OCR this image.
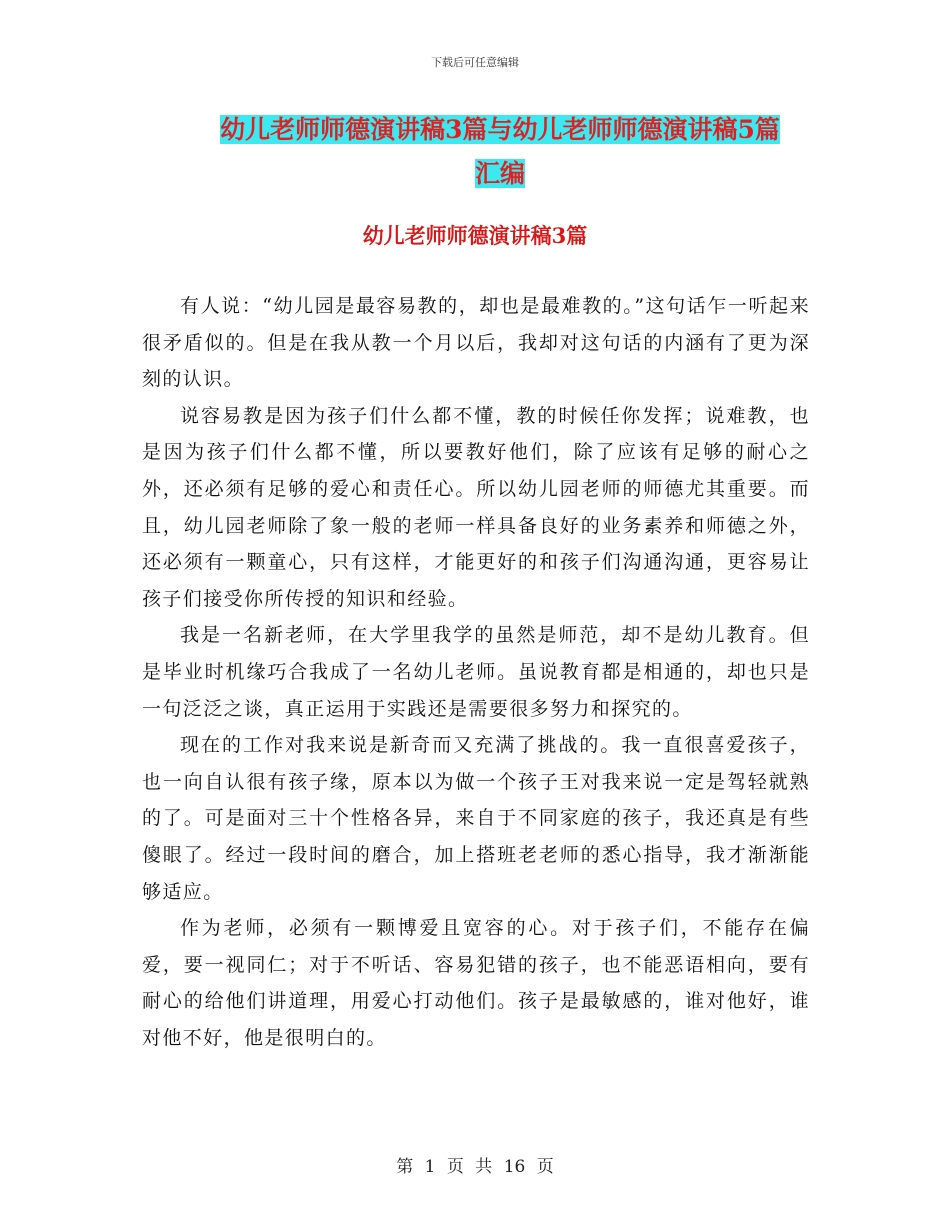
下载后可任意编辑
幼儿老师师德演讲稿3篇与幼儿老师师德演讲稿5篇
汇编
幼儿老师师德演讲稿3篇

有人说：“幼儿园是最容易教的，却也是最难教的。”这句话乍一听起来很矛盾似的。但是在我从教一个月以后，我却对这句话的内涵有了更为深刻的认识。

说容易教是因为孩子们什么都不懂，教的时候任你发挥；说难教，也是因为孩子们什么都不懂，所以要教好他们，除了应该有足够的耐心之外，还必须有足够的爱心和责任心。所以幼儿园老师的师德尤其重要。而且，幼儿园老师除了象一般的老师一样具备良好的业务素养和师德之外，还必须有一颗童心，只有这样，才能更好的和孩子们沟通沟通，更容易让孩子们接受你所传授的知识和经验。

我是一名新老师，在大学里我学的虽然是师范，却不是幼儿教育。但是毕业时机缘巧合我成了一名幼儿老师。虽说教育都是相通的，却也只是一句泛泛之谈，真正运用于实践还是需要很多努力和探究的。

现在的工作对我来说是新奇而又充满了挑战的。我一直很喜爱孩子，也一向自认很有孩子缘，原本以为做一个孩子王对我来说一定是驾轻就熟的了。可是面对三十个性格各异，来自于不同家庭的孩子，我还真是有些傻眼了。经过一段时间的磨合，加上搭班老老师的悉心指导，我才渐渐能够适应。

作为老师，必须有一颗博爱且宽容的心。对于孩子们，不能存在偏爱，要一视同仁；对于不听话、容易犯错的孩子，也不能恶语相向，要有耐心的给他们讲道理，用爱心打动他们。孩子是最敏感的，谁对他好，谁对他不好，他是很明白的。

第 1 页 共 16 页
